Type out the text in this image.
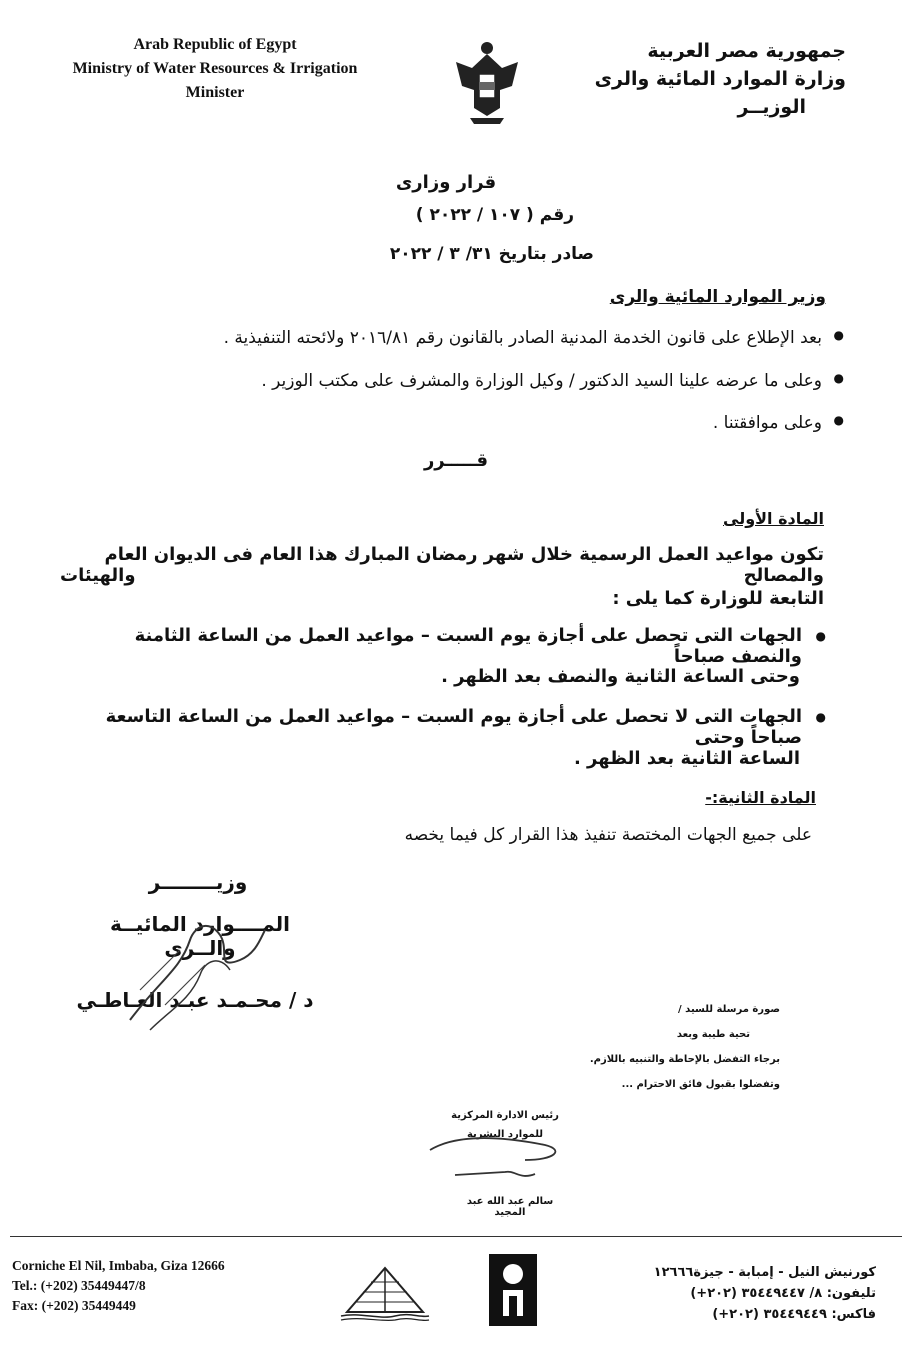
Arab Republic of Egypt
Ministry of Water Resources & Irrigation
Minister
جمهورية مصر العربية
وزارة الموارد المائية والرى
الوزيــر
قرار وزارى
رقم ( ١٠٧ / ٢٠٢٢ )
صادر بتاريخ ٣١/ ٣ / ٢٠٢٢
وزير الموارد المائية والرى
●
بعد الإطلاع على قانون الخدمة المدنية الصادر بالقانون رقم ٢٠١٦/٨١ ولائحته التنفيذية .
●
وعلى ما عرضه علينا السيد الدكتور / وكيل الوزارة والمشرف على مكتب الوزير .
●
وعلى موافقتنا .
قـــــرر
المادة الأولى
تكون مواعيد العمل الرسمية خلال شهر رمضان المبارك هذا العام فى الديوان العام والمصالح والهيئات
التابعة للوزارة كما يلى :
●
الجهات التى تحصل على أجازة يوم السبت – مواعيد العمل من الساعة الثامنة والنصف صباحاً
وحتى الساعة الثانية والنصف بعد الظهر .
●
الجهات التى لا تحصل على أجازة يوم السبت – مواعيد العمل من الساعة التاسعة صباحاً وحتى
الساعة الثانية بعد الظهر .
المادة الثانية:-
على جميع الجهات المختصة تنفيذ هذا القرار كل فيما يخصه
وزيــــــــر
المــــوارد المائيــة والــرى
د / محـمـد عبـد العـاطـي	صورة مرسلة للسيد /
تحية طيبة وبعد
برجاء التفضل بالإحاطة والتنبيه باللازم.
وتفضلوا بقبول فائق الاحترام ...
رئيس الادارة المركزية
للموارد البشرية
سالم عبد الله عبد المجيد
Corniche El Nil, Imbaba, Giza 12666
Tel.: (+202) 35449447/8
Fax: (+202) 35449449
كورنيش النيل - إمبابة - جيزة١٢٦٦٦
تليفون: ٨/ ٣٥٤٤٩٤٤٧ (٢٠٢+)
فاكس: ٣٥٤٤٩٤٤٩ (٢٠٢+)
